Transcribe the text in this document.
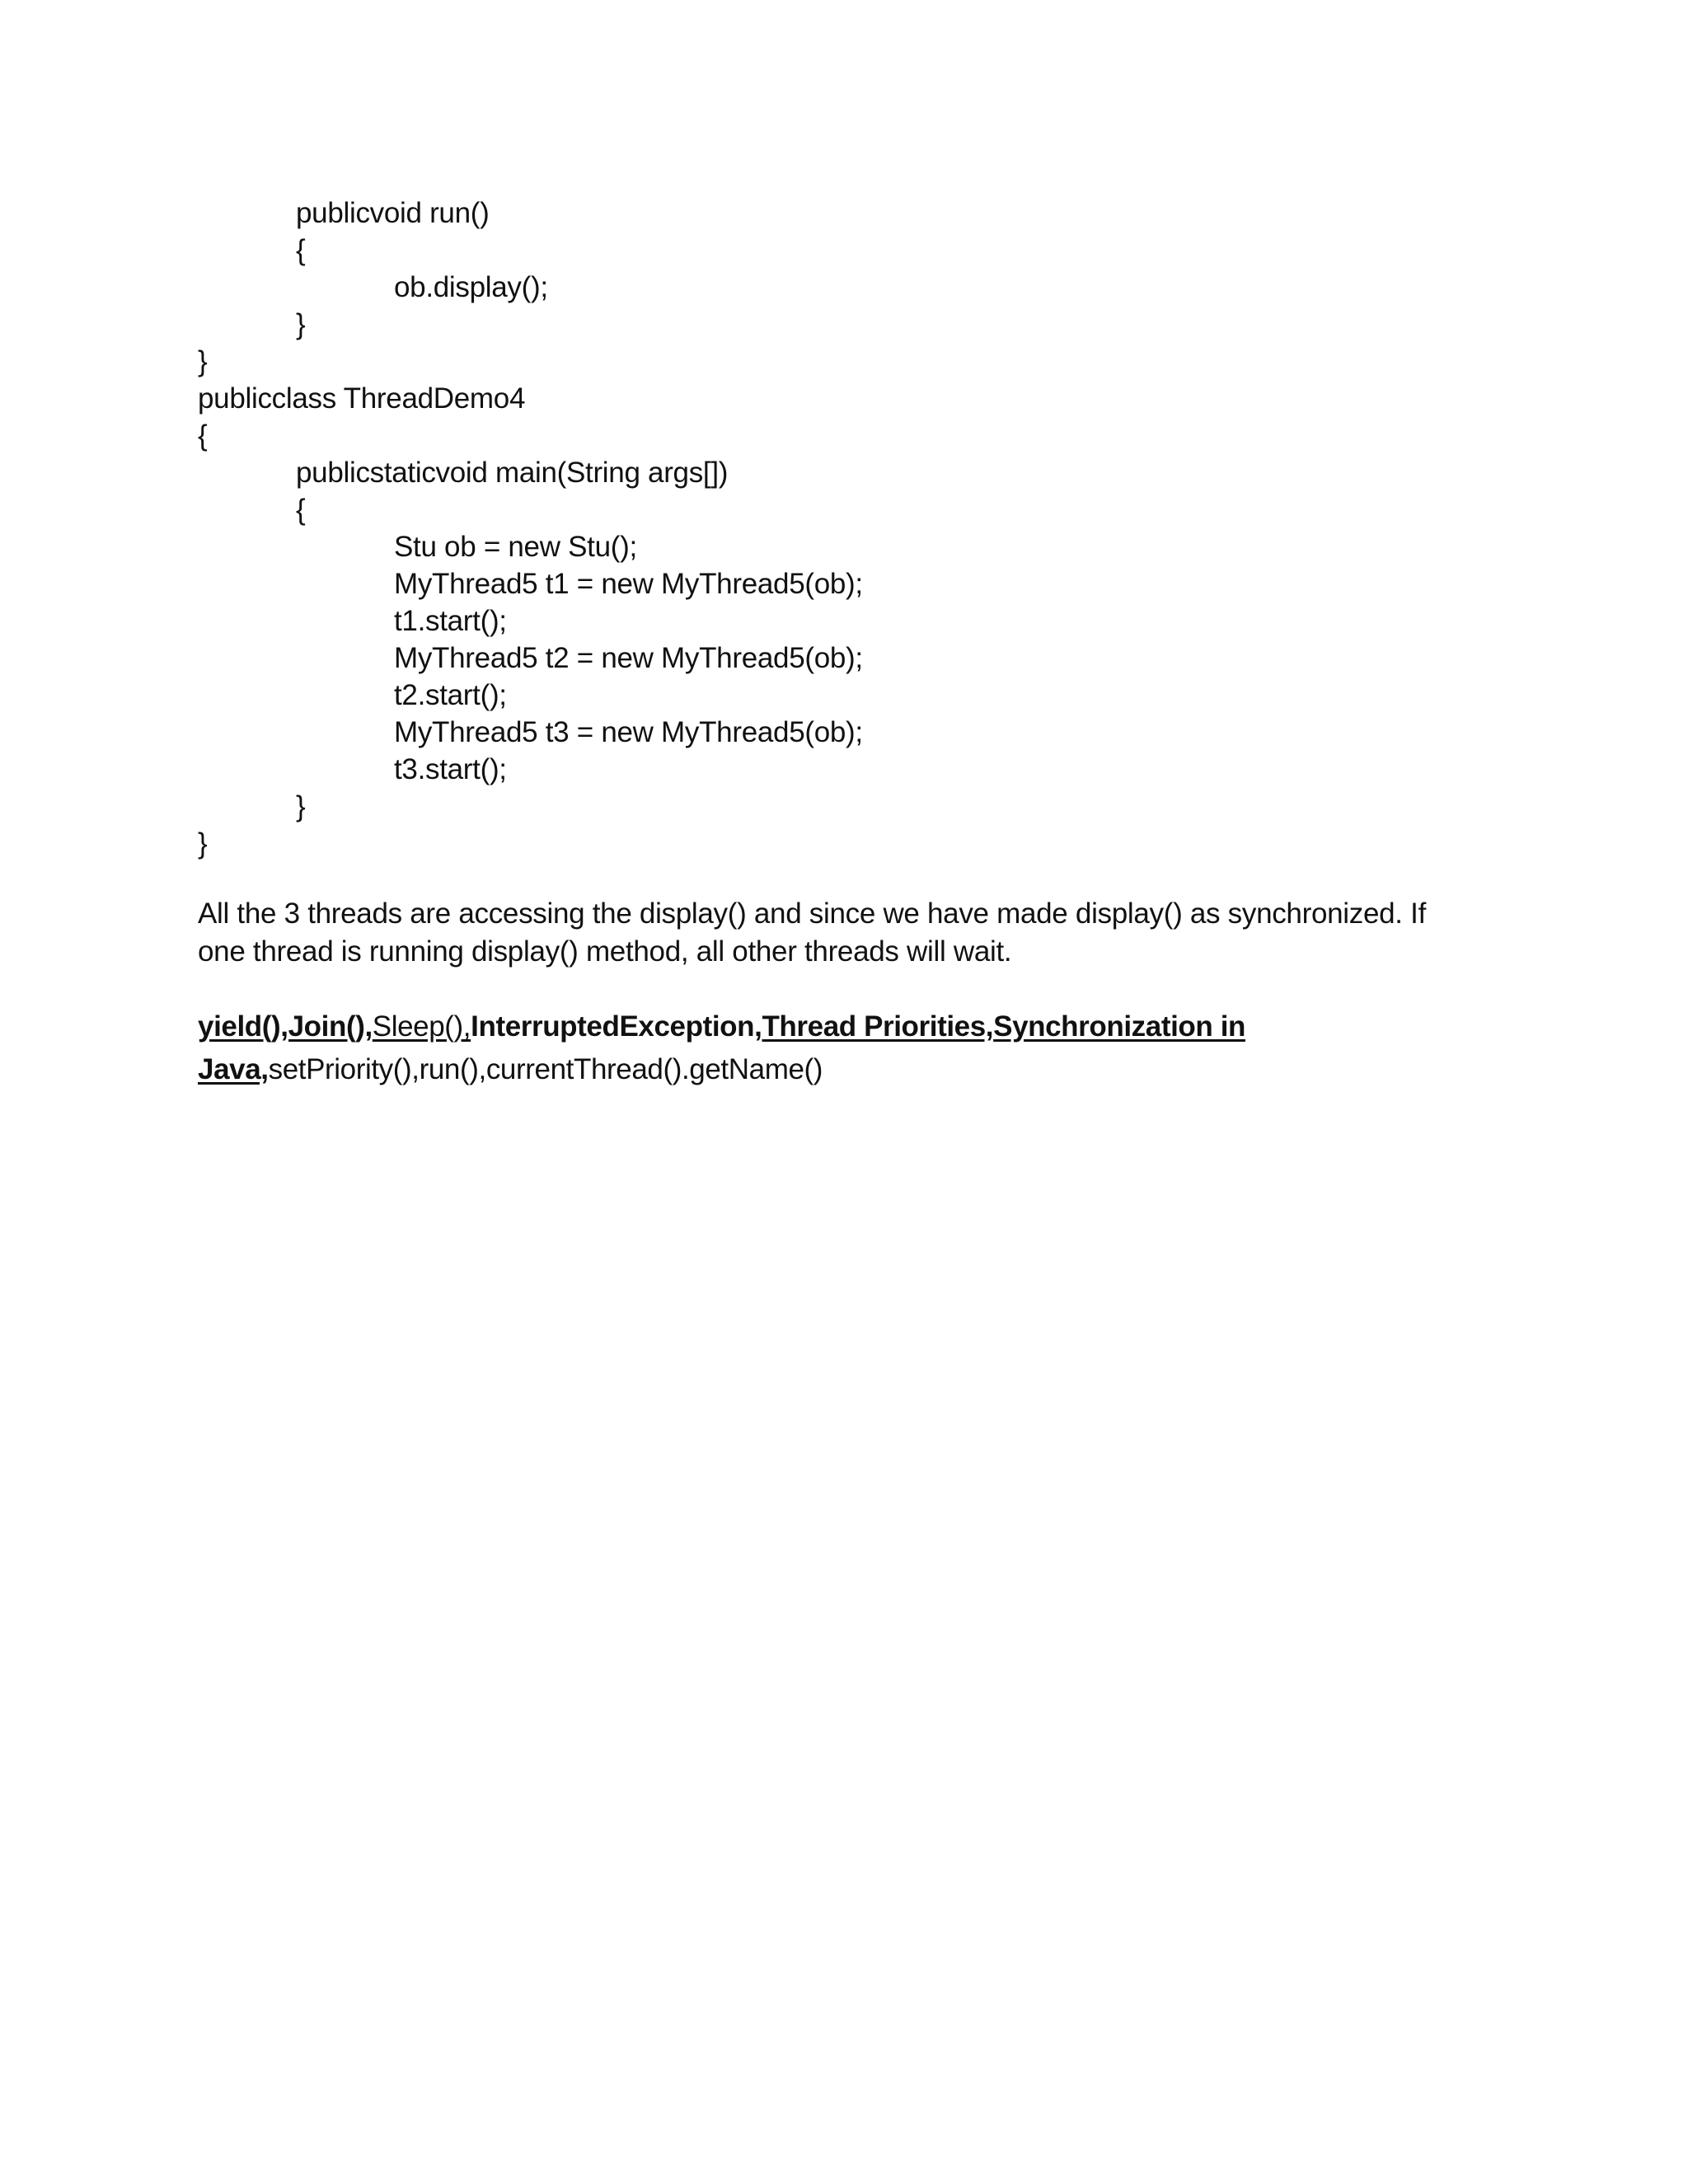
publicvoid run()
{
ob.display();
}
}
publicclass ThreadDemo4
{
publicstaticvoid main(String args[])
{
Stu ob = new Stu();
MyThread5 t1 = new MyThread5(ob);
t1.start();
MyThread5 t2 = new MyThread5(ob);
t2.start();
MyThread5 t3 = new MyThread5(ob);
t3.start();
}
}

All the 3 threads are accessing the display() and since we have made display() as synchronized. If one thread is running display() method, all other threads will wait.

yield(),Join(),Sleep(),InterruptedException,Thread Priorities,Synchronization in Java,setPriority(),run(),currentThread().getName()
